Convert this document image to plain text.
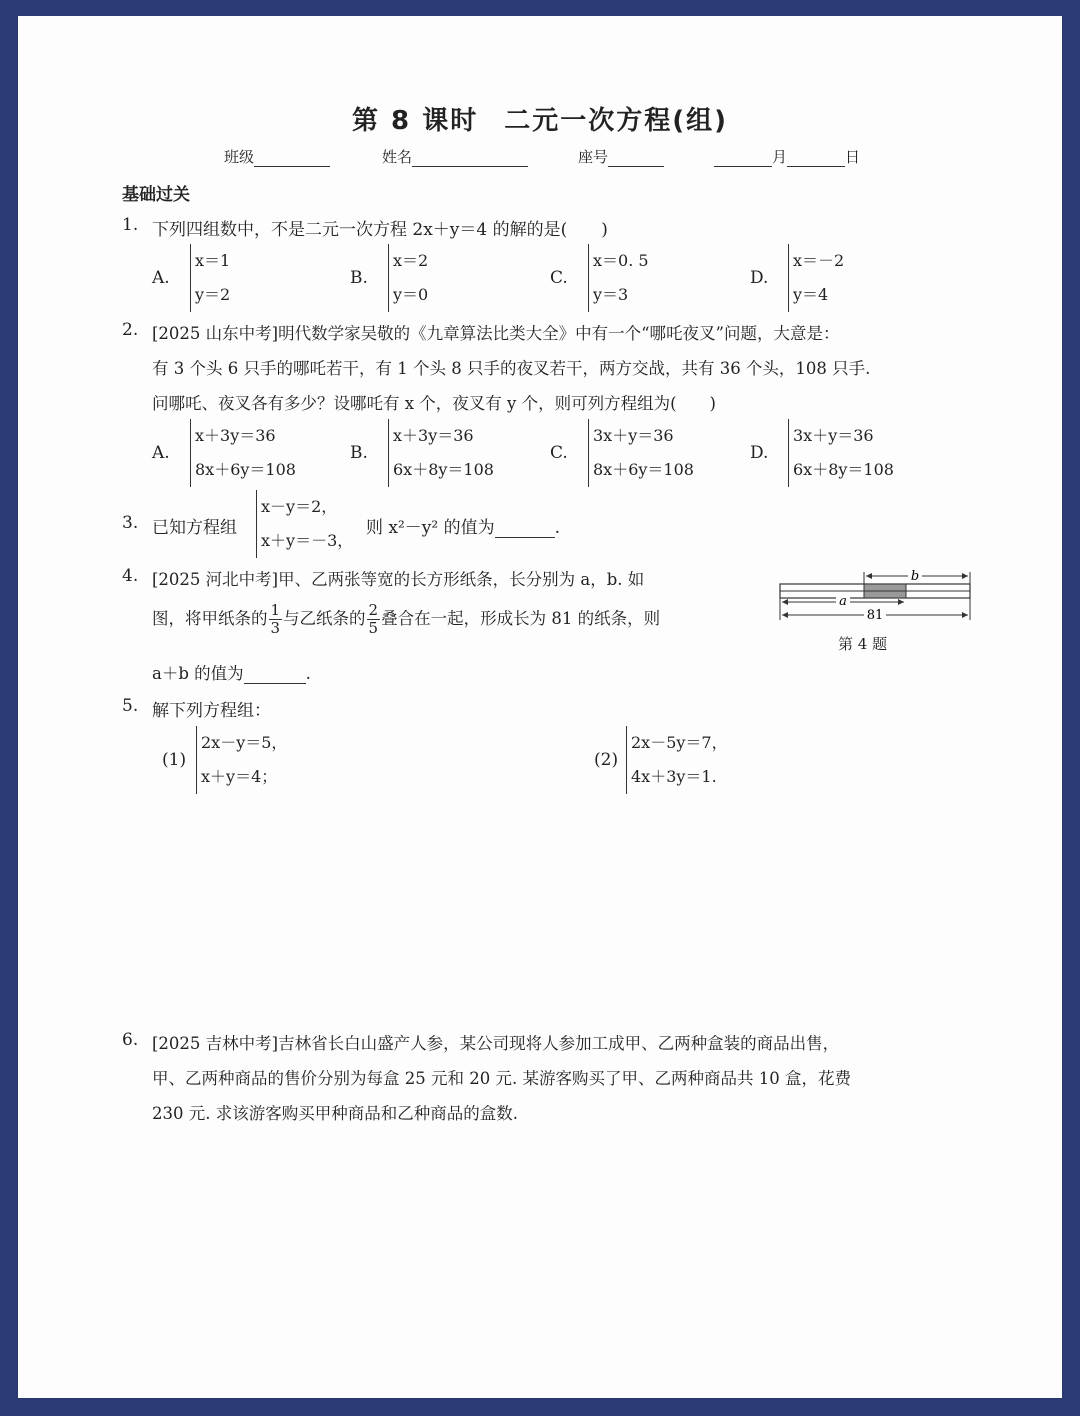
第 8 课时 二元一次方程(组)
班级	姓名	座号	月	日
基础过关
1. 下列四组数中，不是二元一次方程 2x＋y＝4 的解的是(　　)
A.
x＝1
y＝2
B.
x＝2
y＝0
C.
x＝0. 5
y＝3
D.
x＝－2
y＝4
2. [2025 山东中考]明代数学家吴敬的《九章算法比类大全》中有一个“哪吒夜叉”问题，大意是：
有 3 个头 6 只手的哪吒若干，有 1 个头 8 只手的夜叉若干，两方交战，共有 36 个头，108 只手.
问哪吒、夜叉各有多少？设哪吒有 x 个，夜叉有 y 个，则可列方程组为(　　)
A.
x＋3y＝36
8x＋6y＝108
B.
x＋3y＝36
6x＋8y＝108
C.
3x＋y＝36
8x＋6y＝108
D.
3x＋y＝36
6x＋8y＝108
3. 已知方程组
x－y＝2，
x＋y＝－3，
则 x²－y² 的值为	.
4. [2025 河北中考]甲、乙两张等宽的长方形纸条，长分别为 a，b. 如
图，将甲纸条的 $\frac{1}{3}$ 与乙纸条的 $\frac{2}{5}$ 叠合在一起，形成长为 81 的纸条，则
a＋b 的值为	.
b
a
81
第 4 题
5. 解下列方程组：
(1)
2x－y＝5，
x＋y＝4；
(2)
2x－5y＝7，
4x＋3y＝1.
6. [2025 吉林中考]吉林省长白山盛产人参，某公司现将人参加工成甲、乙两种盒装的商品出售，
甲、乙两种商品的售价分别为每盒 25 元和 20 元. 某游客购买了甲、乙两种商品共 10 盒，花费
230 元. 求该游客购买甲种商品和乙种商品的盒数.
